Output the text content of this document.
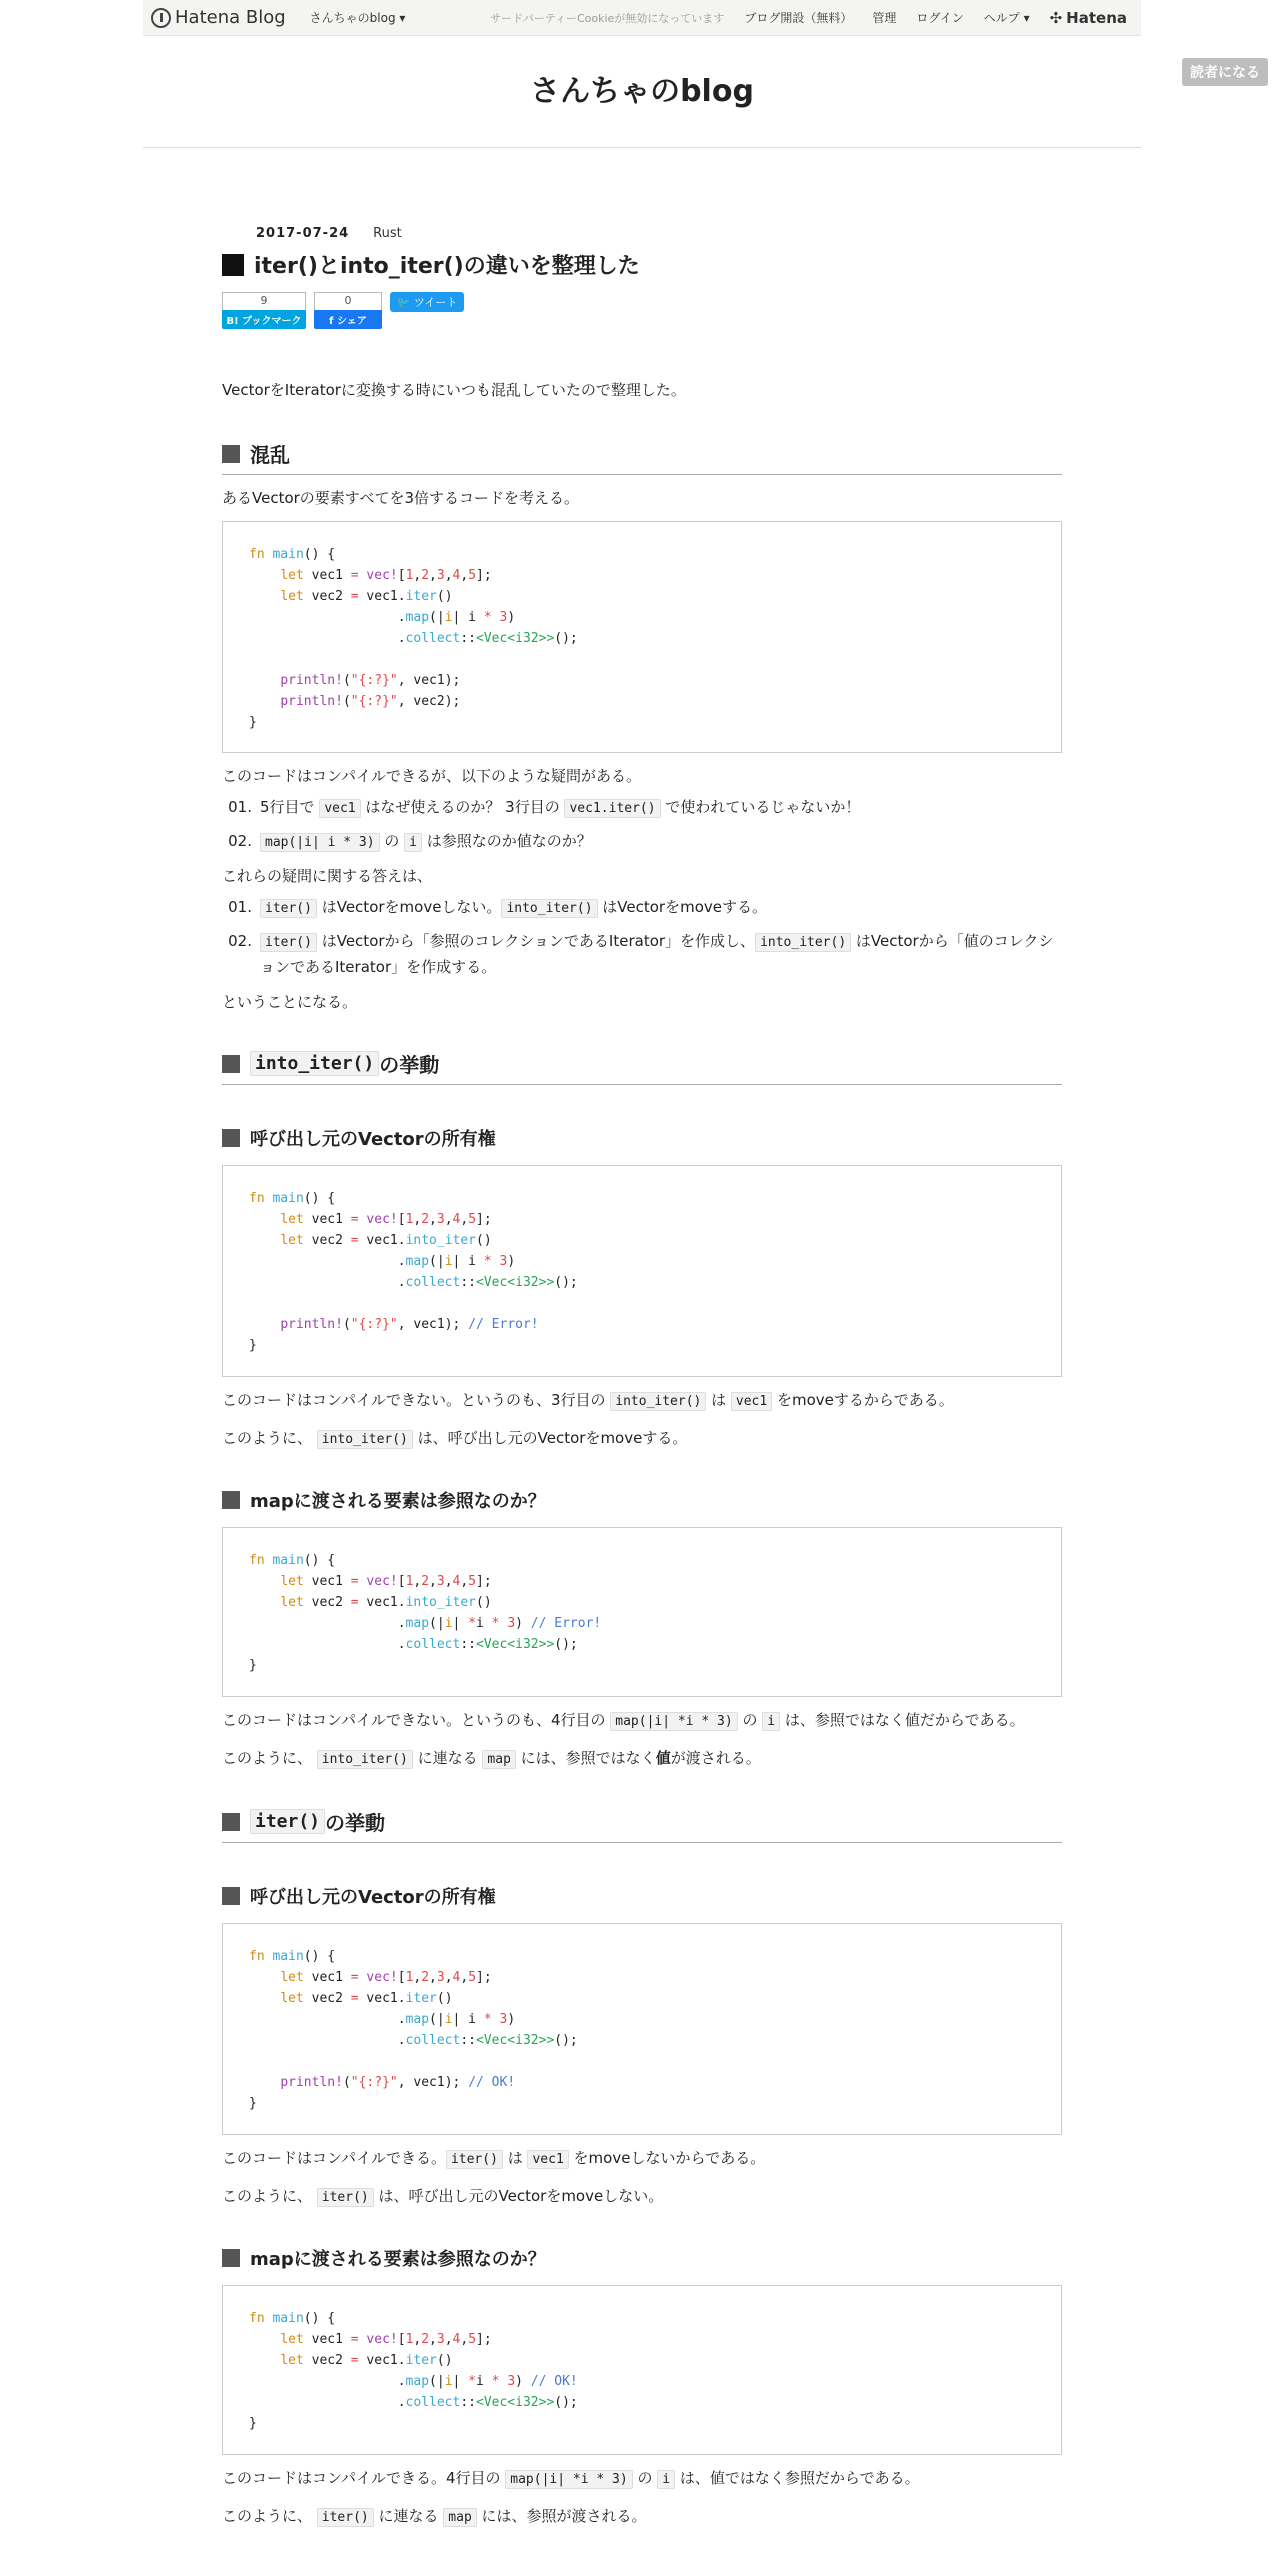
Hatena Blog さんちゃのblog ▾	サードパーティーCookieが無効になっています ブログ開設（無料） 管理 ログイン ヘルプ ▾ ✣ Hatena
読者になる
さんちゃのblog
2017-07-24 Rust
iter()とinto_iter()の違いを整理した
9
B! ブックマーク
0
f シェア
🐦
ツイート

VectorをIteratorに変換する時にいつも混乱していたので整理した。

混乱

あるVectorの要素すべてを3倍するコードを考える。

fn main() {
let vec1 = vec![1,2,3,4,5];
let vec2 = vec1.iter()
.map(|i| i * 3)
.collect::<Vec<i32>>();

println!("{:?}", vec1);
println!("{:?}", vec2);
}

このコードはコンパイルできるが、以下のような疑問がある。

01. 5行目で vec1 はなぜ使えるのか？ 3行目の vec1.iter() で使われているじゃないか！
02.	map(|i| i * 3) の i は参照なのか値なのか？

これらの疑問に関する答えは、

01.	iter() はVectorをmoveしない。 into_iter() はVectorをmoveする。
02.	iter() はVectorから「参照のコレクションであるIterator」を作成し、 into_iter() はVectorから「値のコレクションであるIterator」を作成する。

ということになる。

into_iter() の挙動
呼び出し元のVectorの所有権
fn main() {
let vec1 = vec![1,2,3,4,5];
let vec2 = vec1.into_iter()
.map(|i| i * 3)
.collect::<Vec<i32>>();

println!("{:?}", vec1); // Error!
}

このコードはコンパイルできない。というのも、3行目の into_iter() は vec1 をmoveするからである。

このように、 into_iter() は、呼び出し元のVectorをmoveする。

mapに渡される要素は参照なのか？
fn main() {
let vec1 = vec![1,2,3,4,5];
let vec2 = vec1.into_iter()
.map(|i| *i * 3) // Error!
.collect::<Vec<i32>>();
}

このコードはコンパイルできない。というのも、4行目の map(|i| *i * 3) の i は、参照ではなく値だからである。

このように、 into_iter() に連なる map には、参照ではなく値が渡される。

iter() の挙動
呼び出し元のVectorの所有権
fn main() {
let vec1 = vec![1,2,3,4,5];
let vec2 = vec1.iter()
.map(|i| i * 3)
.collect::<Vec<i32>>();

println!("{:?}", vec1); // OK!
}

このコードはコンパイルできる。 iter() は vec1 をmoveしないからである。

このように、 iter() は、呼び出し元のVectorをmoveしない。

mapに渡される要素は参照なのか？
fn main() {
let vec1 = vec![1,2,3,4,5];
let vec2 = vec1.iter()
.map(|i| *i * 3) // OK!
.collect::<Vec<i32>>();
}

このコードはコンパイルできる。4行目の map(|i| *i * 3) の i は、値ではなく参照だからである。

このように、 iter() に連なる map には、参照が渡される。
